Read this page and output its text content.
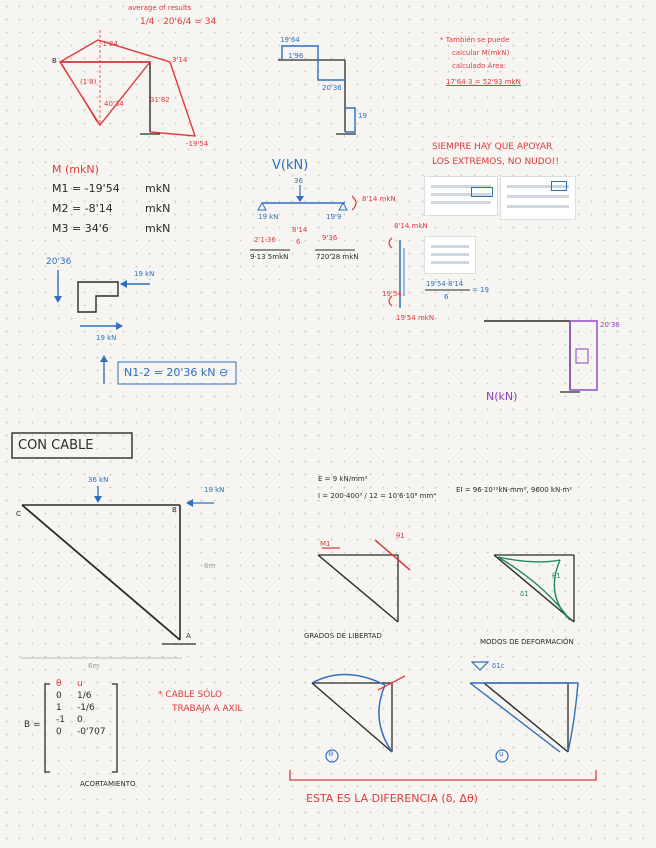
average of results
1/4 · 20'6/4 = 34
-1'84
3'14
40'34	31'82
(1'8)
-19'54
B
19'64
1'96
20'36
19
* También se puede
calcular M(mkN)
calculado Área:
17'64·3 = 52'93 mkN
M (mkN)
M1 = -19'54 mkN
M2 = -8'14	mkN
M3 = 34'6	mkN
V(kN)
36
8'14 mkN
19 kN	19'9
2'1·36
9·13 5mkN
8'14
6	9'36
720'28 mkN
SIEMPRE HAY QUE APOYAR
LOS EXTREMOS, NO NUDO!!
8'14 mkN
19'54
19'54·8'14
6
= 19
19'54 mkN
20'36
19 kN
19 kN
N1-2 = 20'36 kN ⊖
20'36
N(kN)
CON CABLE
36 kN
19 kN
C	B
A
6m
6m
E = 9 kN/mm²
I = 200·400³ / 12 = 10'6·10⁸ mm⁴
EI = 96·10¹²kN·mm², 9600 kN·m²
M1
θ1
GRADOS DE LIBERTAD
MODOS DE DEFORMACIÓN
θ1
δ1
* CABLE SÓLO
TRABAJA A AXIL
B =
θ	u
0	1/6
1	-1/6
-1	0
0	-0'707
ACORTAMIENTO
⊖	u
δ1c
ESTA ES LA DIFERENCIA (δ, Δθ)
